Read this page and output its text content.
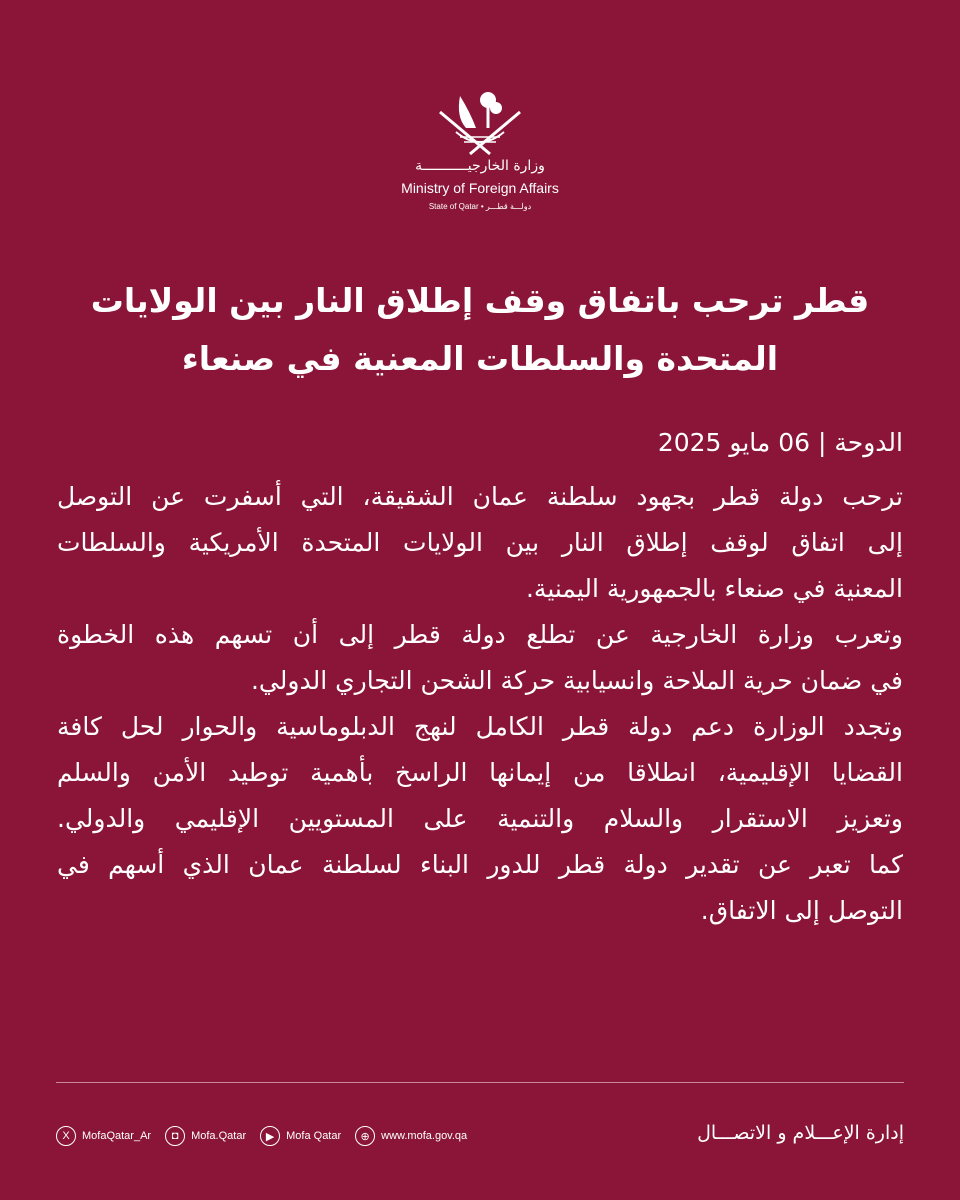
وزارة الخارجيـــــــــــة
Ministry of Foreign Affairs
State of Qatar • دولـــة قطـــر
قطر ترحب باتفاق وقف إطلاق النار بين الولايات
المتحدة والسلطات المعنية في صنعاء
الدوحة | 06 مايو 2025
ترحب دولة قطر بجهود سلطنة عمان الشقيقة، التي أسفرت عن التوصل
إلى اتفاق لوقف إطلاق النار بين الولايات المتحدة الأمريكية والسلطات
المعنية في صنعاء بالجمهورية اليمنية.
وتعرب وزارة الخارجية عن تطلع دولة قطر إلى أن تسهم هذه الخطوة
في ضمان حرية الملاحة وانسيابية حركة الشحن التجاري الدولي.
وتجدد الوزارة دعم دولة قطر الكامل لنهج الدبلوماسية والحوار لحل كافة
القضايا الإقليمية، انطلاقا من إيمانها الراسخ بأهمية توطيد الأمن والسلم
وتعزيز الاستقرار والسلام والتنمية على المستويين الإقليمي والدولي.
كما تعبر عن تقدير دولة قطر للدور البناء لسلطنة عمان الذي أسهم في
التوصل إلى الاتفاق.
إدارة الإعـــلام و الاتصـــال
X	MofaQatar_Ar	◘	Mofa.Qatar	▶	Mofa Qatar	⊕	www.mofa.gov.qa
